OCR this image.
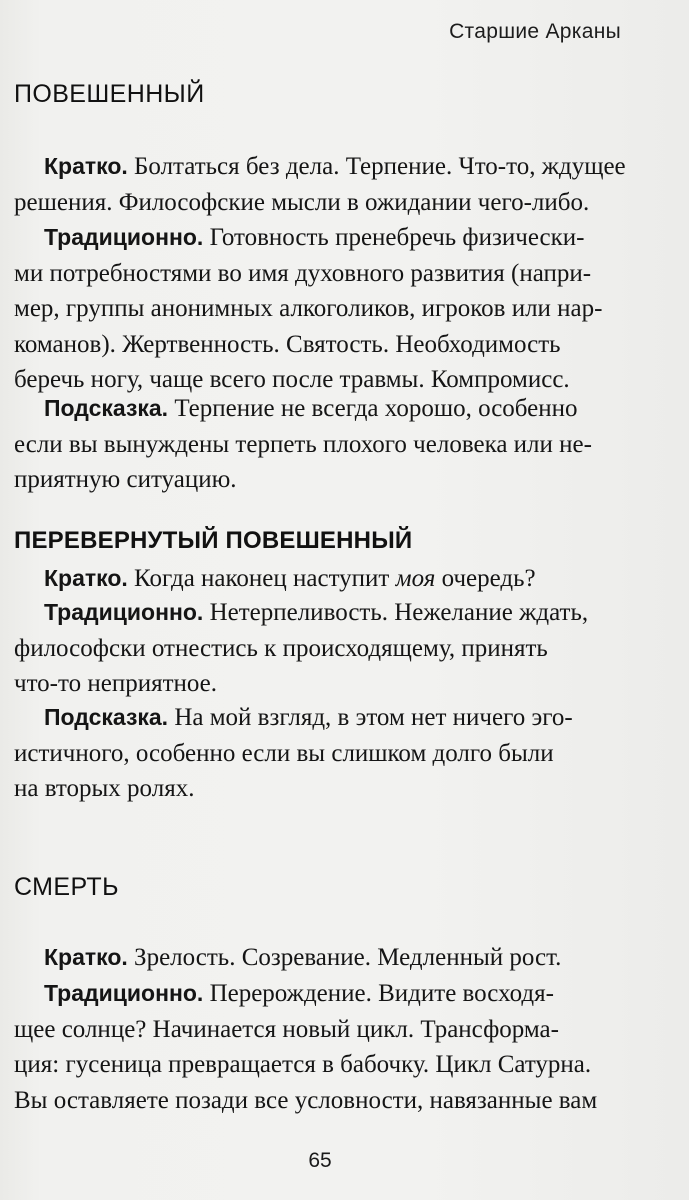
Старшие Арканы
ПОВЕШЕННЫЙ
Кратко. Болтаться без дела. Терпение. Что-то, ждущее
решения. Философские мысли в ожидании чего-либо.
Традиционно. Готовность пренебречь физически-
ми потребностями во имя духовного развития (напри-
мер, группы анонимных алкоголиков, игроков или нар-
команов). Жертвенность. Святость. Необходимость
беречь ногу, чаще всего после травмы. Компромисс.
Подсказка. Терпение не всегда хорошо, особенно
если вы вынуждены терпеть плохого человека или не-
приятную ситуацию.
ПЕРЕВЕРНУТЫЙ ПОВЕШЕННЫЙ
Кратко. Когда наконец наступит моя очередь?
Традиционно. Нетерпеливость. Нежелание ждать,
философски отнестись к происходящему, принять
что-то неприятное.
Подсказка. На мой взгляд, в этом нет ничего эго-
истичного, особенно если вы слишком долго были
на вторых ролях.
СМЕРТЬ
Кратко. Зрелость. Созревание. Медленный рост.
Традиционно. Перерождение. Видите восходя-
щее солнце? Начинается новый цикл. Трансформа-
ция: гусеница превращается в бабочку. Цикл Сатурна.
Вы оставляете позади все условности, навязанные вам
65
